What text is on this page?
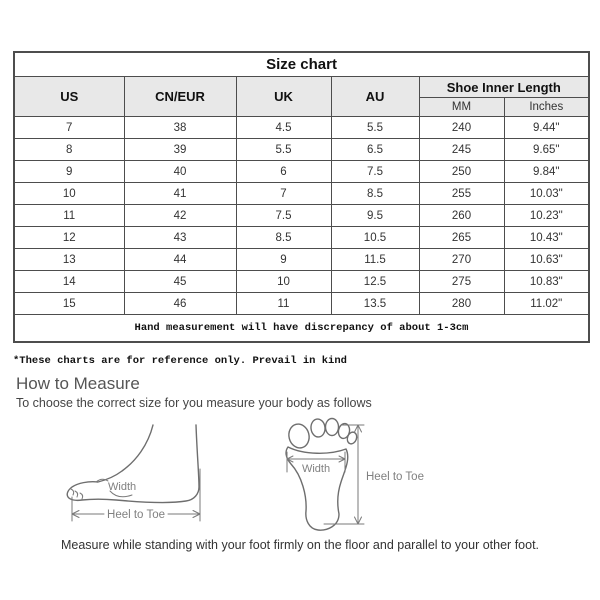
Size chart					
US	CN/EUR	UK	AU	Shoe Inner Length	
				MM	Inches
7	38	4.5	5.5	240	9.44"
8	39	5.5	6.5	245	9.65"
9	40	6	7.5	250	9.84"
10	41	7	8.5	255	10.03"
11	42	7.5	9.5	260	10.23"
12	43	8.5	10.5	265	10.43"
13	44	9	11.5	270	10.63"
14	45	10	12.5	275	10.83"
15	46	11	13.5	280	11.02"
Hand measurement will have discrepancy of about 1-3cm					
*These charts are for reference only. Prevail in kind
How to Measure
To choose the correct size for you measure your body as follows
Width
Heel to Toe
Width
Heel to Toe
Measure while standing with your foot firmly on the floor and parallel to your other foot.
